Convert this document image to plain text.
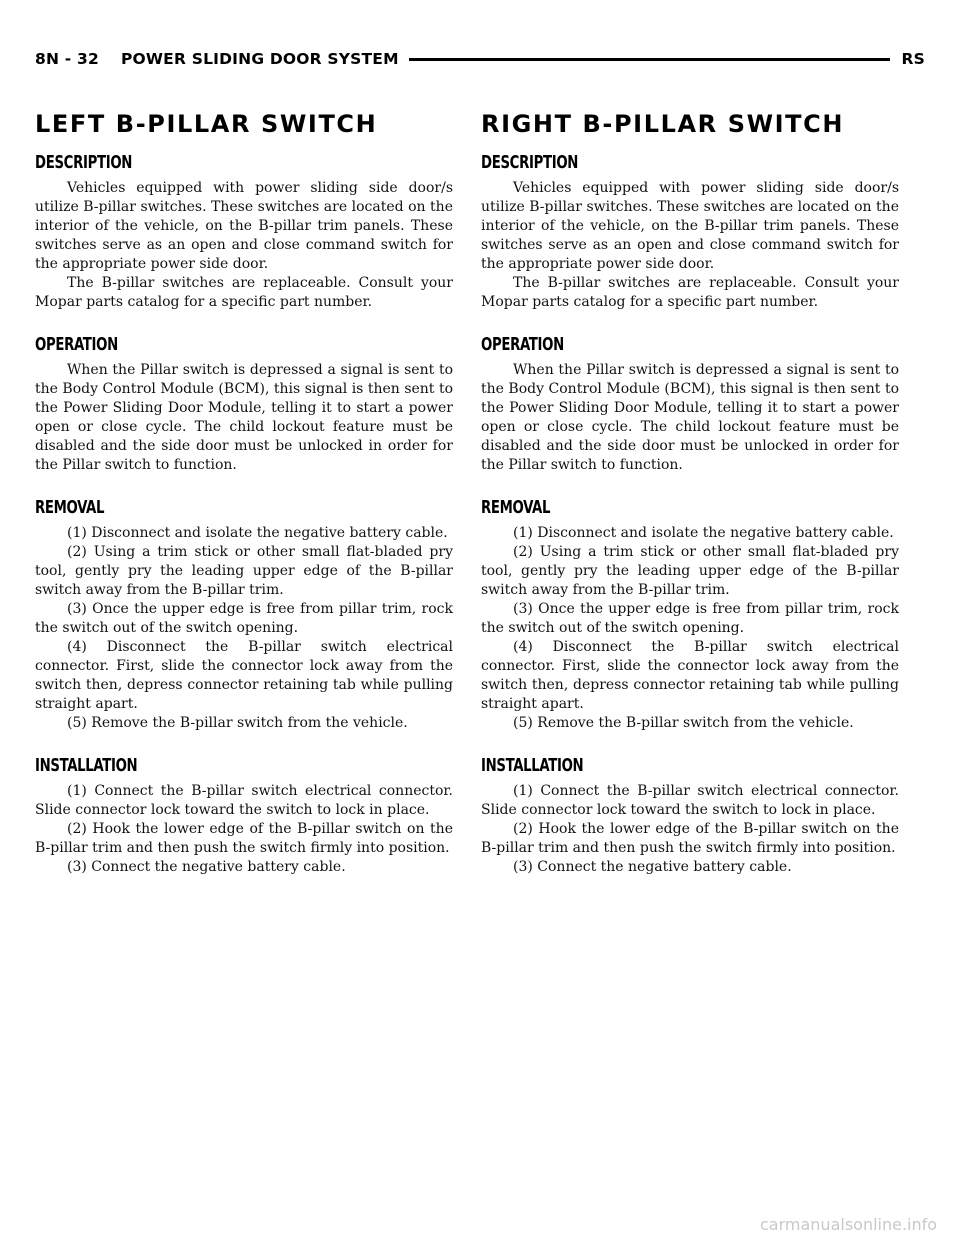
8N - 32 POWER SLIDING DOOR SYSTEM	RS
LEFT B-PILLAR SWITCH
DESCRIPTION

Vehicles equipped with power sliding side door/s utilize B-pillar switches. These switches are located on the interior of the vehicle, on the B-pillar trim panels. These switches serve as an open and close command switch for the appropriate power side door.

The B-pillar switches are replaceable. Consult your Mopar parts catalog for a specific part number.

OPERATION

When the Pillar switch is depressed a signal is sent to the Body Control Module (BCM), this signal is then sent to the Power Sliding Door Module, telling it to start a power open or close cycle. The child lockout feature must be disabled and the side door must be unlocked in order for the Pillar switch to function.

REMOVAL

(1) Disconnect and isolate the negative battery cable.

(2) Using a trim stick or other small flat-bladed pry tool, gently pry the leading upper edge of the B-pillar switch away from the B-pillar trim.

(3) Once the upper edge is free from pillar trim, rock the switch out of the switch opening.

(4) Disconnect the B-pillar switch electrical connector. First, slide the connector lock away from the switch then, depress connector retaining tab while pulling straight apart.

(5) Remove the B-pillar switch from the vehicle.

INSTALLATION

(1) Connect the B-pillar switch electrical connector. Slide connector lock toward the switch to lock in place.

(2) Hook the lower edge of the B-pillar switch on the B-pillar trim and then push the switch firmly into position.

(3) Connect the negative battery cable.

RIGHT B-PILLAR SWITCH
DESCRIPTION

Vehicles equipped with power sliding side door/s utilize B-pillar switches. These switches are located on the interior of the vehicle, on the B-pillar trim panels. These switches serve as an open and close command switch for the appropriate power side door.

The B-pillar switches are replaceable. Consult your Mopar parts catalog for a specific part number.

OPERATION

When the Pillar switch is depressed a signal is sent to the Body Control Module (BCM), this signal is then sent to the Power Sliding Door Module, telling it to start a power open or close cycle. The child lockout feature must be disabled and the side door must be unlocked in order for the Pillar switch to function.

REMOVAL

(1) Disconnect and isolate the negative battery cable.

(2) Using a trim stick or other small flat-bladed pry tool, gently pry the leading upper edge of the B-pillar switch away from the B-pillar trim.

(3) Once the upper edge is free from pillar trim, rock the switch out of the switch opening.

(4) Disconnect the B-pillar switch electrical connector. First, slide the connector lock away from the switch then, depress connector retaining tab while pulling straight apart.

(5) Remove the B-pillar switch from the vehicle.

INSTALLATION

(1) Connect the B-pillar switch electrical connector. Slide connector lock toward the switch to lock in place.

(2) Hook the lower edge of the B-pillar switch on the B-pillar trim and then push the switch firmly into position.

(3) Connect the negative battery cable.

carmanualsonline.info
